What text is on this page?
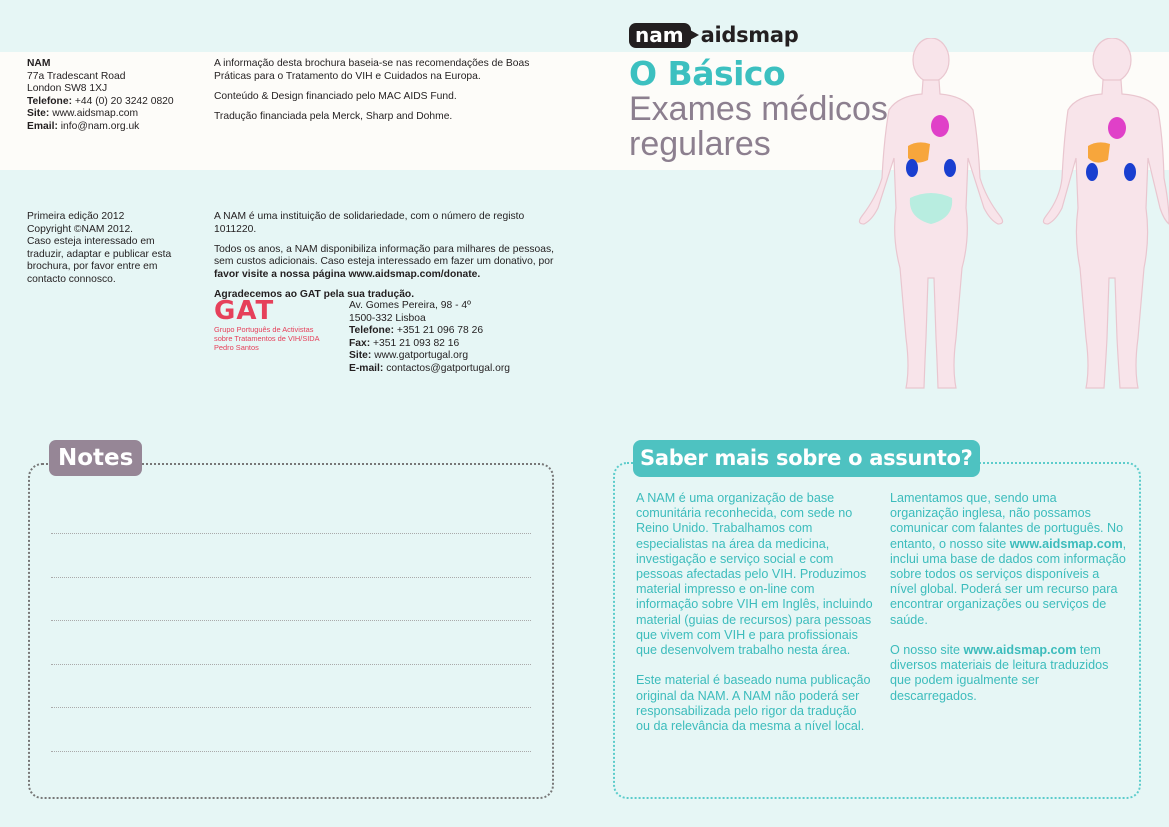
NAM
77a Tradescant Road
London SW8 1XJ
Telefone: +44 (0) 20 3242 0820
Site: www.aidsmap.com
Email: info@nam.org.uk

A informação desta brochura baseia-se nas recomendações de Boas Práticas para o Tratamento do VIH e Cuidados na Europa.

Conteúdo & Design financiado pelo MAC AIDS Fund.

Tradução financiada pela Merck, Sharp and Dohme.

Primeira edição 2012
Copyright ©NAM 2012.
Caso esteja interessado em traduzir, adaptar e publicar esta brochura, por favor entre em contacto connosco.

A NAM é uma instituição de solidariedade, com o número de registo 1011220.

Todos os anos, a NAM disponibiliza informação para milhares de pessoas, sem custos adicionais. Caso esteja interessado em fazer um donativo, por favor visite a nossa página www.aidsmap.com/donate.

Agradecemos ao GAT pela sua tradução.

GAT
Grupo Português de Activistas
sobre Tratamentos de VIH/SIDA
Pedro Santos
Av. Gomes Pereira, 98 - 4º
1500-332 Lisboa
Telefone: +351 21 096 78 26
Fax: +351 21 093 82 16
Site: www.gatportugal.org
E-mail: contactos@gatportugal.org
nam aidsmap
O Básico
Exames médicos regulares
Notes	Saber mais sobre o assunto?

A NAM é uma organização de base comunitária reconhecida, com sede no Reino Unido. Trabalhamos com especialistas na área da medicina, investigação e serviço social e com pessoas afectadas pelo VIH. Produzimos material impresso e on-line com informação sobre VIH em Inglês, incluindo material (guias de recursos) para pessoas que vivem com VIH e para profissionais que desenvolvem trabalho nesta área.

Este material é baseado numa publicação original da NAM. A NAM não poderá ser responsabilizada pelo rigor da tradução ou da relevância da mesma a nível local.

Lamentamos que, sendo uma organização inglesa, não possamos comunicar com falantes de português. No entanto, o nosso site www.aidsmap.com, inclui uma base de dados com informação sobre todos os serviços disponíveis a nível global. Poderá ser um recurso para encontrar organizações ou serviços de saúde.

O nosso site www.aidsmap.com tem diversos materiais de leitura traduzidos que podem igualmente ser descarregados.
